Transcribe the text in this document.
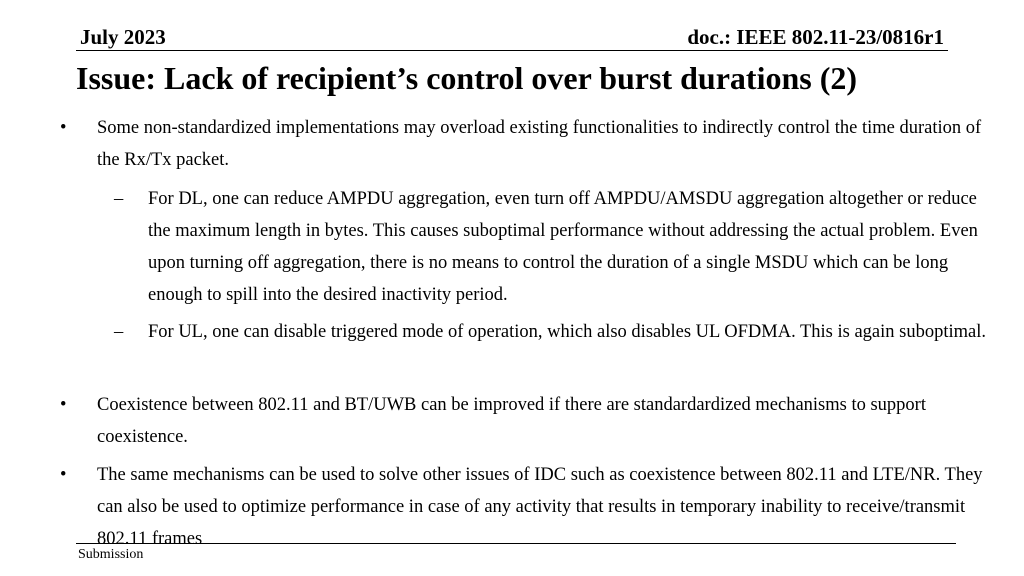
July 2023	doc.: IEEE 802.11-23/0816r1
Issue: Lack of recipient’s control over burst durations (2)
• Some non-standardized implementations may overload existing functionalities to indirectly control the time duration of the Rx/Tx packet.
– For DL, one can reduce AMPDU aggregation, even turn off AMPDU/AMSDU aggregation altogether or reduce the maximum length in bytes. This causes suboptimal performance without addressing the actual problem. Even upon turning off aggregation, there is no means to control the duration of a single MSDU which can be long enough to spill into the desired inactivity period.
– For UL, one can disable triggered mode of operation, which also disables UL OFDMA. This is again suboptimal.
• Coexistence between 802.11 and BT/UWB can be improved if there are standardardized mechanisms to support coexistence.
• The same mechanisms can be used to solve other issues of IDC such as coexistence between 802.11 and LTE/NR. They can also be used to optimize performance in case of any activity that results in temporary inability to receive/transmit 802.11 frames
Submission
